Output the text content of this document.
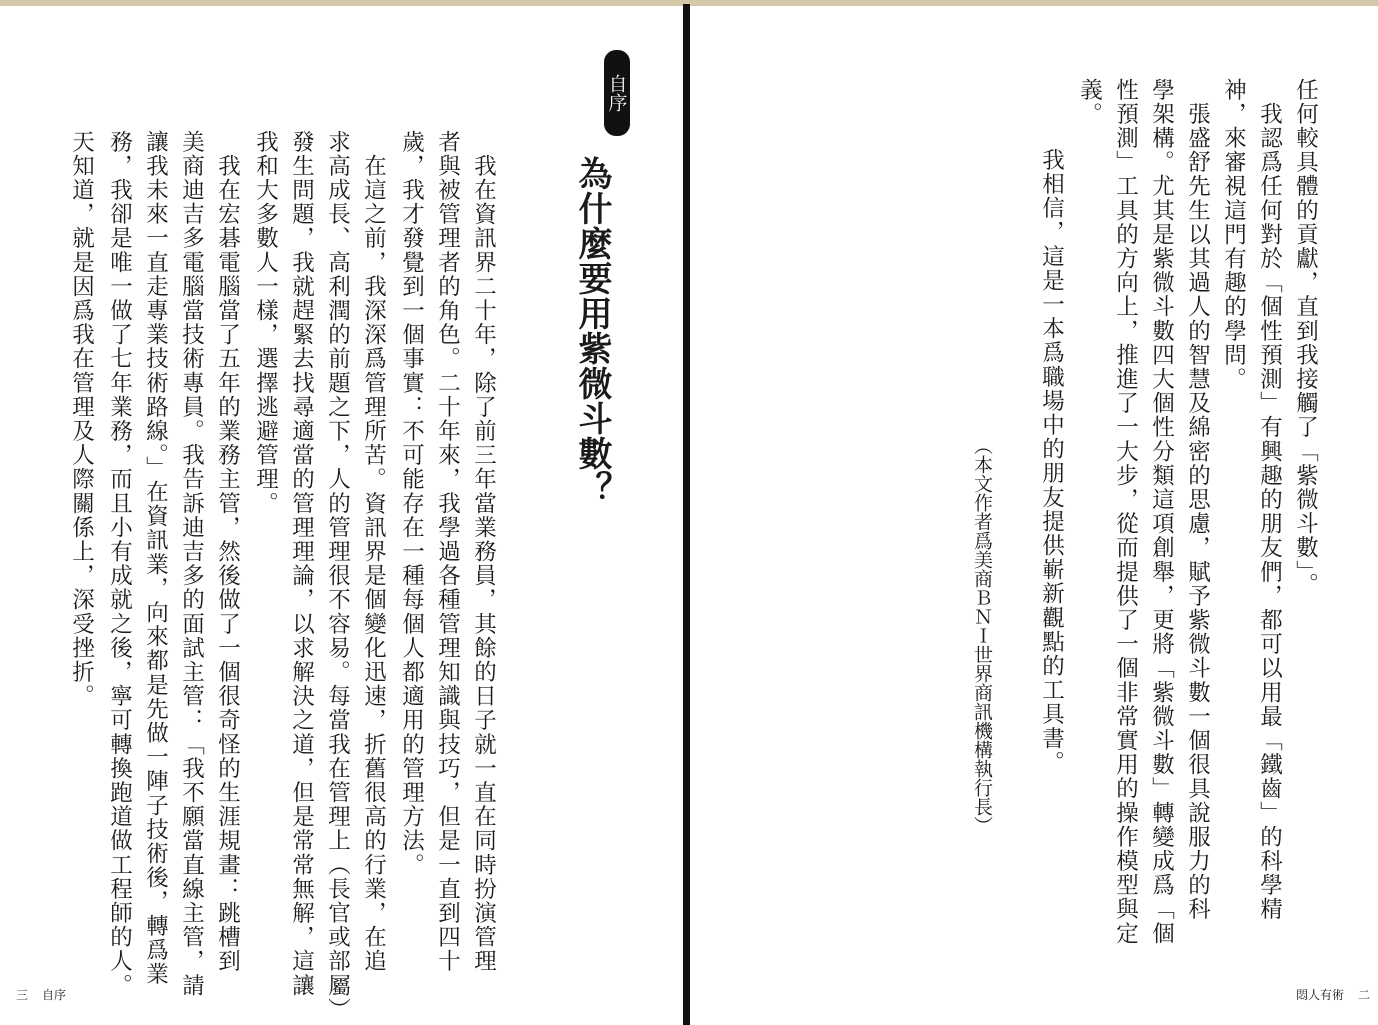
自序
為什麼要用紫微斗數？
　我在資訊界二十年，除了前三年當業務員，其餘的日子就一直在同時扮演管理
者與被管理者的角色。二十年來，我學過各種管理知識與技巧，但是一直到四十
歲，我才發覺到一個事實：不可能存在一種每個人都適用的管理方法。
　在這之前，我深深爲管理所苦。資訊界是個變化迅速，折舊很高的行業，在追
求高成長、高利潤的前題之下，人的管理很不容易。每當我在管理上（長官或部屬）
發生問題，我就趕緊去找尋適當的管理理論，以求解決之道，但是常常無解，這讓
我和大多數人一樣，選擇逃避管理。
　我在宏碁電腦當了五年的業務主管，然後做了一個很奇怪的生涯規畫：跳槽到
美商迪吉多電腦當技術專員。我告訴迪吉多的面試主管：「我不願當直線主管，請
讓我未來一直走專業技術路線。」在資訊業，向來都是先做一陣子技術後，轉爲業
務，我卻是唯一做了七年業務，而且小有成就之後，寧可轉換跑道做工程師的人。
天知道，就是因爲我在管理及人際關係上，深受挫折。
三 自序
任何較具體的貢獻，直到我接觸了「紫微斗數」。
　我認爲任何對於「個性預測」有興趣的朋友們，都可以用最「鐵齒」的科學精
神，來審視這門有趣的學問。
　張盛舒先生以其過人的智慧及綿密的思慮，賦予紫微斗數一個很具說服力的科
學架構。尤其是紫微斗數四大個性分類這項創舉，更將「紫微斗數」轉變成爲「個
性預測」工具的方向上，推進了一大步，從而提供了一個非常實用的操作模型與定
義。
　我相信，這是一本爲職場中的朋友提供嶄新觀點的工具書。
（本文作者爲美商ＢＮＩ世界商訊機構執行長）
悶人有術 二
